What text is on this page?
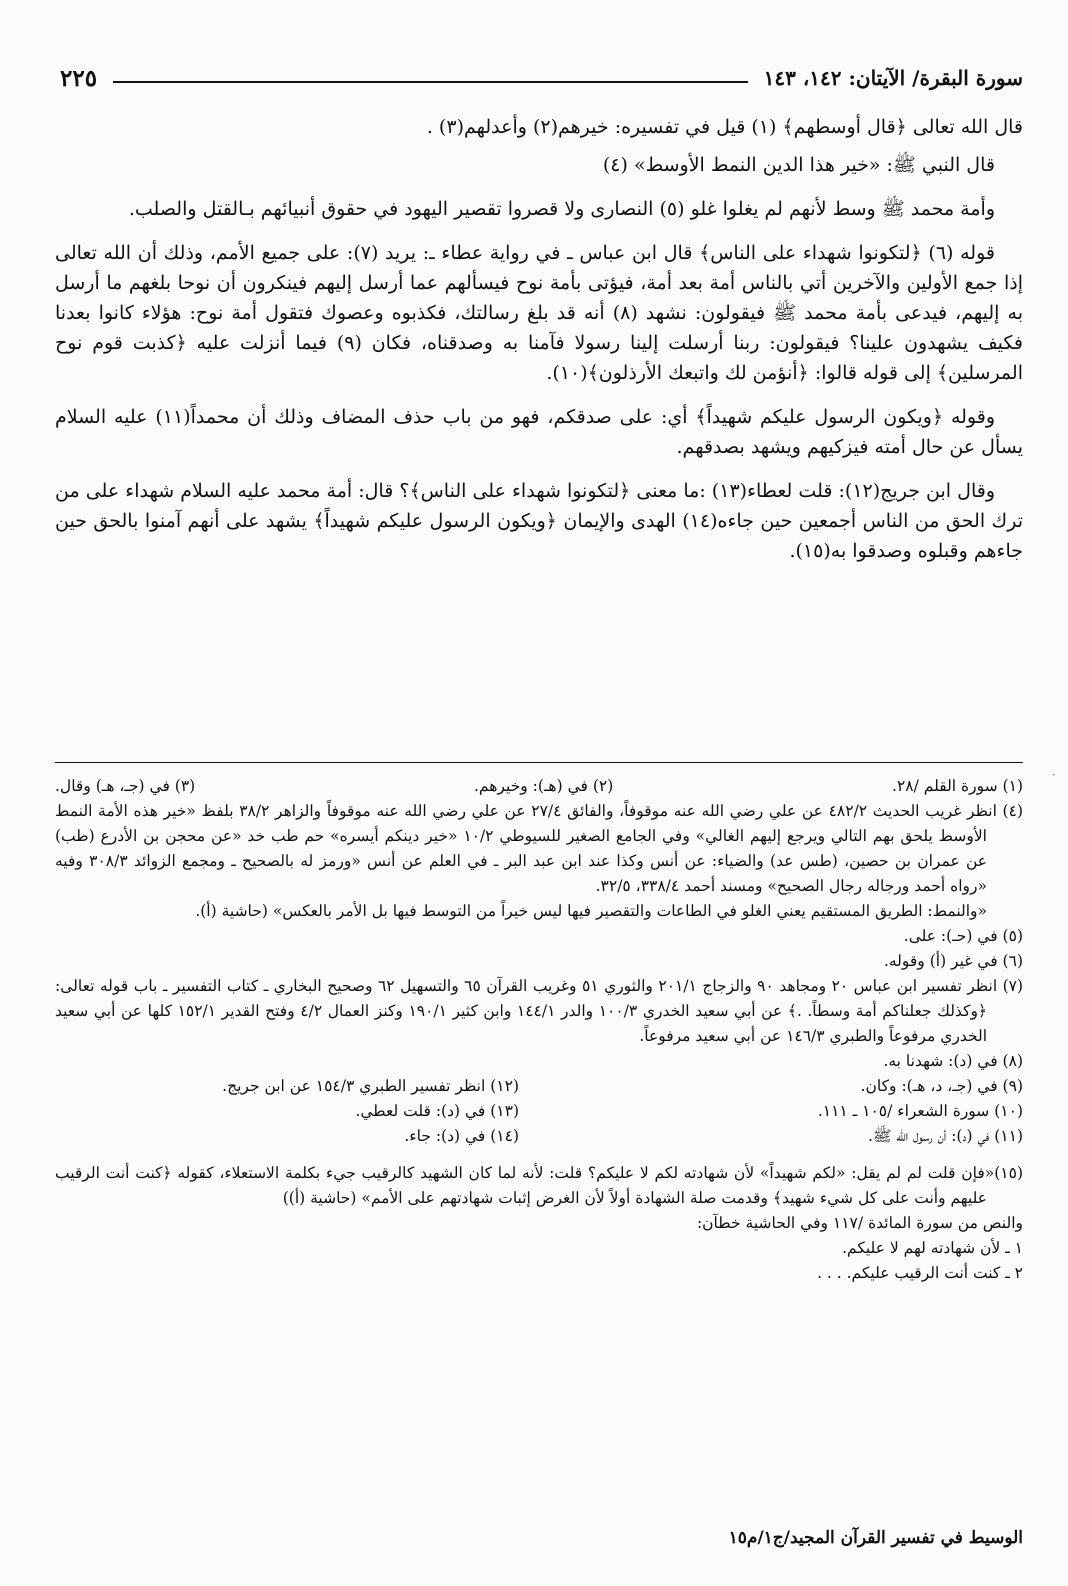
سورة البقرة/ الآيتان: ١٤٢، ١٤٣
٢٢٥

قال الله تعالى ﴿قال أوسطهم﴾ (١) قيل في تفسيره: خيرهم(٢) وأعدلهم(٣) .

قال النبي ﷺ: «خير هذا الدين النمط الأوسط» (٤)

وأمة محمد ﷺ وسط لأنهم لم يغلوا غلو (٥) النصارى ولا قصروا تقصير اليهود في حقوق أنبيائهم بـالقتل والصلب.

قوله (٦) ﴿لتكونوا شهداء على الناس﴾ قال ابن عباس ـ في رواية عطاء ـ: يريد (٧): على جميع الأمم، وذلك أن الله تعالى إذا جمع الأولين والآخرين أتي بالناس أمة بعد أمة، فيؤتى بأمة نوح فيسألهم عما أرسل إليهم فينكرون أن نوحا بلغهم ما أرسل به إليهم، فيدعى بأمة محمد ﷺ فيقولون: نشهد (٨) أنه قد بلغ رسالتك، فكذبوه وعصوك فتقول أمة نوح: هؤلاء كانوا بعدنا فكيف يشهدون علينا؟ فيقولون: ربنا أرسلت إلينا رسولا فآمنا به وصدقناه، فكان (٩) فيما أنزلت عليه ﴿كذبت قوم نوح المرسلين﴾ إلى قوله قالوا: ﴿أنؤمن لك واتبعك الأرذلون﴾(١٠).

وقوله ﴿ويكون الرسول عليكم شهيداً﴾ أي: على صدقكم، فهو من باب حذف المضاف وذلك أن محمداً(١١) عليه السلام يسأل عن حال أمته فيزكيهم ويشهد بصدقهم.

وقال ابن جريج(١٢): قلت لعطاء(١٣) :ما معنى ﴿لتكونوا شهداء على الناس﴾؟ قال: أمة محمد عليه السلام شهداء على من ترك الحق من الناس أجمعين حين جاءه(١٤) الهدى والإيمان ﴿ويكون الرسول عليكم شهيداً﴾ يشهد على أنهم آمنوا بالحق حين جاءهم وقبلوه وصدقوا به(١٥).

·
(١) سورة القلم /٢٨.
(٢) في (هـ): وخيرهم.
(٣) في (جـ، هـ) وقال.

(٤) انظر غريب الحديث ٤٨٢/٢ عن علي رضي الله عنه موقوفاً، والفائق ٢٧/٤ عن علي رضي الله عنه موقوفاً والزاهر ٣٨/٢ بلفظ «خير هذه الأمة النمط الأوسط يلحق بهم التالي ويرجع إليهم الغالي» وفي الجامع الصغير للسيوطي ١٠/٢ «خير دينكم أيسره» حم طب خد «عن محجن بن الأدرع (طب) عن عمران بن حصين، (طس عد) والضياء: عن أنس وكذا عند ابن عبد البر ـ في العلم عن أنس «ورمز له بالصحيح ـ ومجمع الزوائد ٣٠٨/٣ وفيه «رواه أحمد ورجاله رجال الصحيح» ومسند أحمد ٣٣٨/٤، ٣٢/٥.

«والنمط: الطريق المستقيم يعني الغلو في الطاعات والتقصير فيها ليس خيراً من التوسط فيها بل الأمر بالعكس» (حاشية (أ).

(٥) في (حـ): على.

(٦) في غير (أ) وقوله.

(٧) انظر تفسير ابن عباس ٢٠ ومجاهد ٩٠ والزجاج ٢٠١/١ والثوري ٥١ وغريب القرآن ٦٥ والتسهيل ٦٢ وصحيح البخاري ـ كتاب التفسير ـ باب قوله تعالى: ﴿وكذلك جعلناكم أمة وسطاً. .﴾ عن أبي سعيد الخدري ١٠٠/٣ والدر ١٤٤/١ وابن كثير ١٩٠/١ وكنز العمال ٤/٢ وفتح القدير ١٥٢/١ كلها عن أبي سعيد الخدري مرفوعاً والطبري ١٤٦/٣ عن أبي سعيد مرفوعاً.

(٨) في (د): شهدنا به.

(٩) في (جـ، د، هـ): وكان.

(١٠) سورة الشعراء /١٠٥ ـ ١١١.

(١١) في (د): أن رسول الله ﷺ.

(١٢) انظر تفسير الطبري ١٥٤/٣ عن ابن جريج.

(١٣) في (د): قلت لعطي.

(١٤) في (د): جاء.

(١٥)«فإن قلت لم لم يقل: «لكم شهيداً» لأن شهادته لكم لا عليكم؟ قلت: لأنه لما كان الشهيد كالرقيب جيء بكلمة الاستعلاء، كقوله ﴿كنت أنت الرقيب عليهم وأنت على كل شيء شهيد﴾ وقدمت صلة الشهادة أولاً لأن الغرض إثبات شهادتهم على الأمم» (حاشية (أ))

والنص من سورة المائدة /١١٧ وفي الحاشية خطآن:

١ ـ لأن شهادته لهم لا عليكم.

٢ ـ كنت أنت الرقيب عليكم. . . .

الوسيط في تفسير القرآن المجيد/ج١/م١٥
